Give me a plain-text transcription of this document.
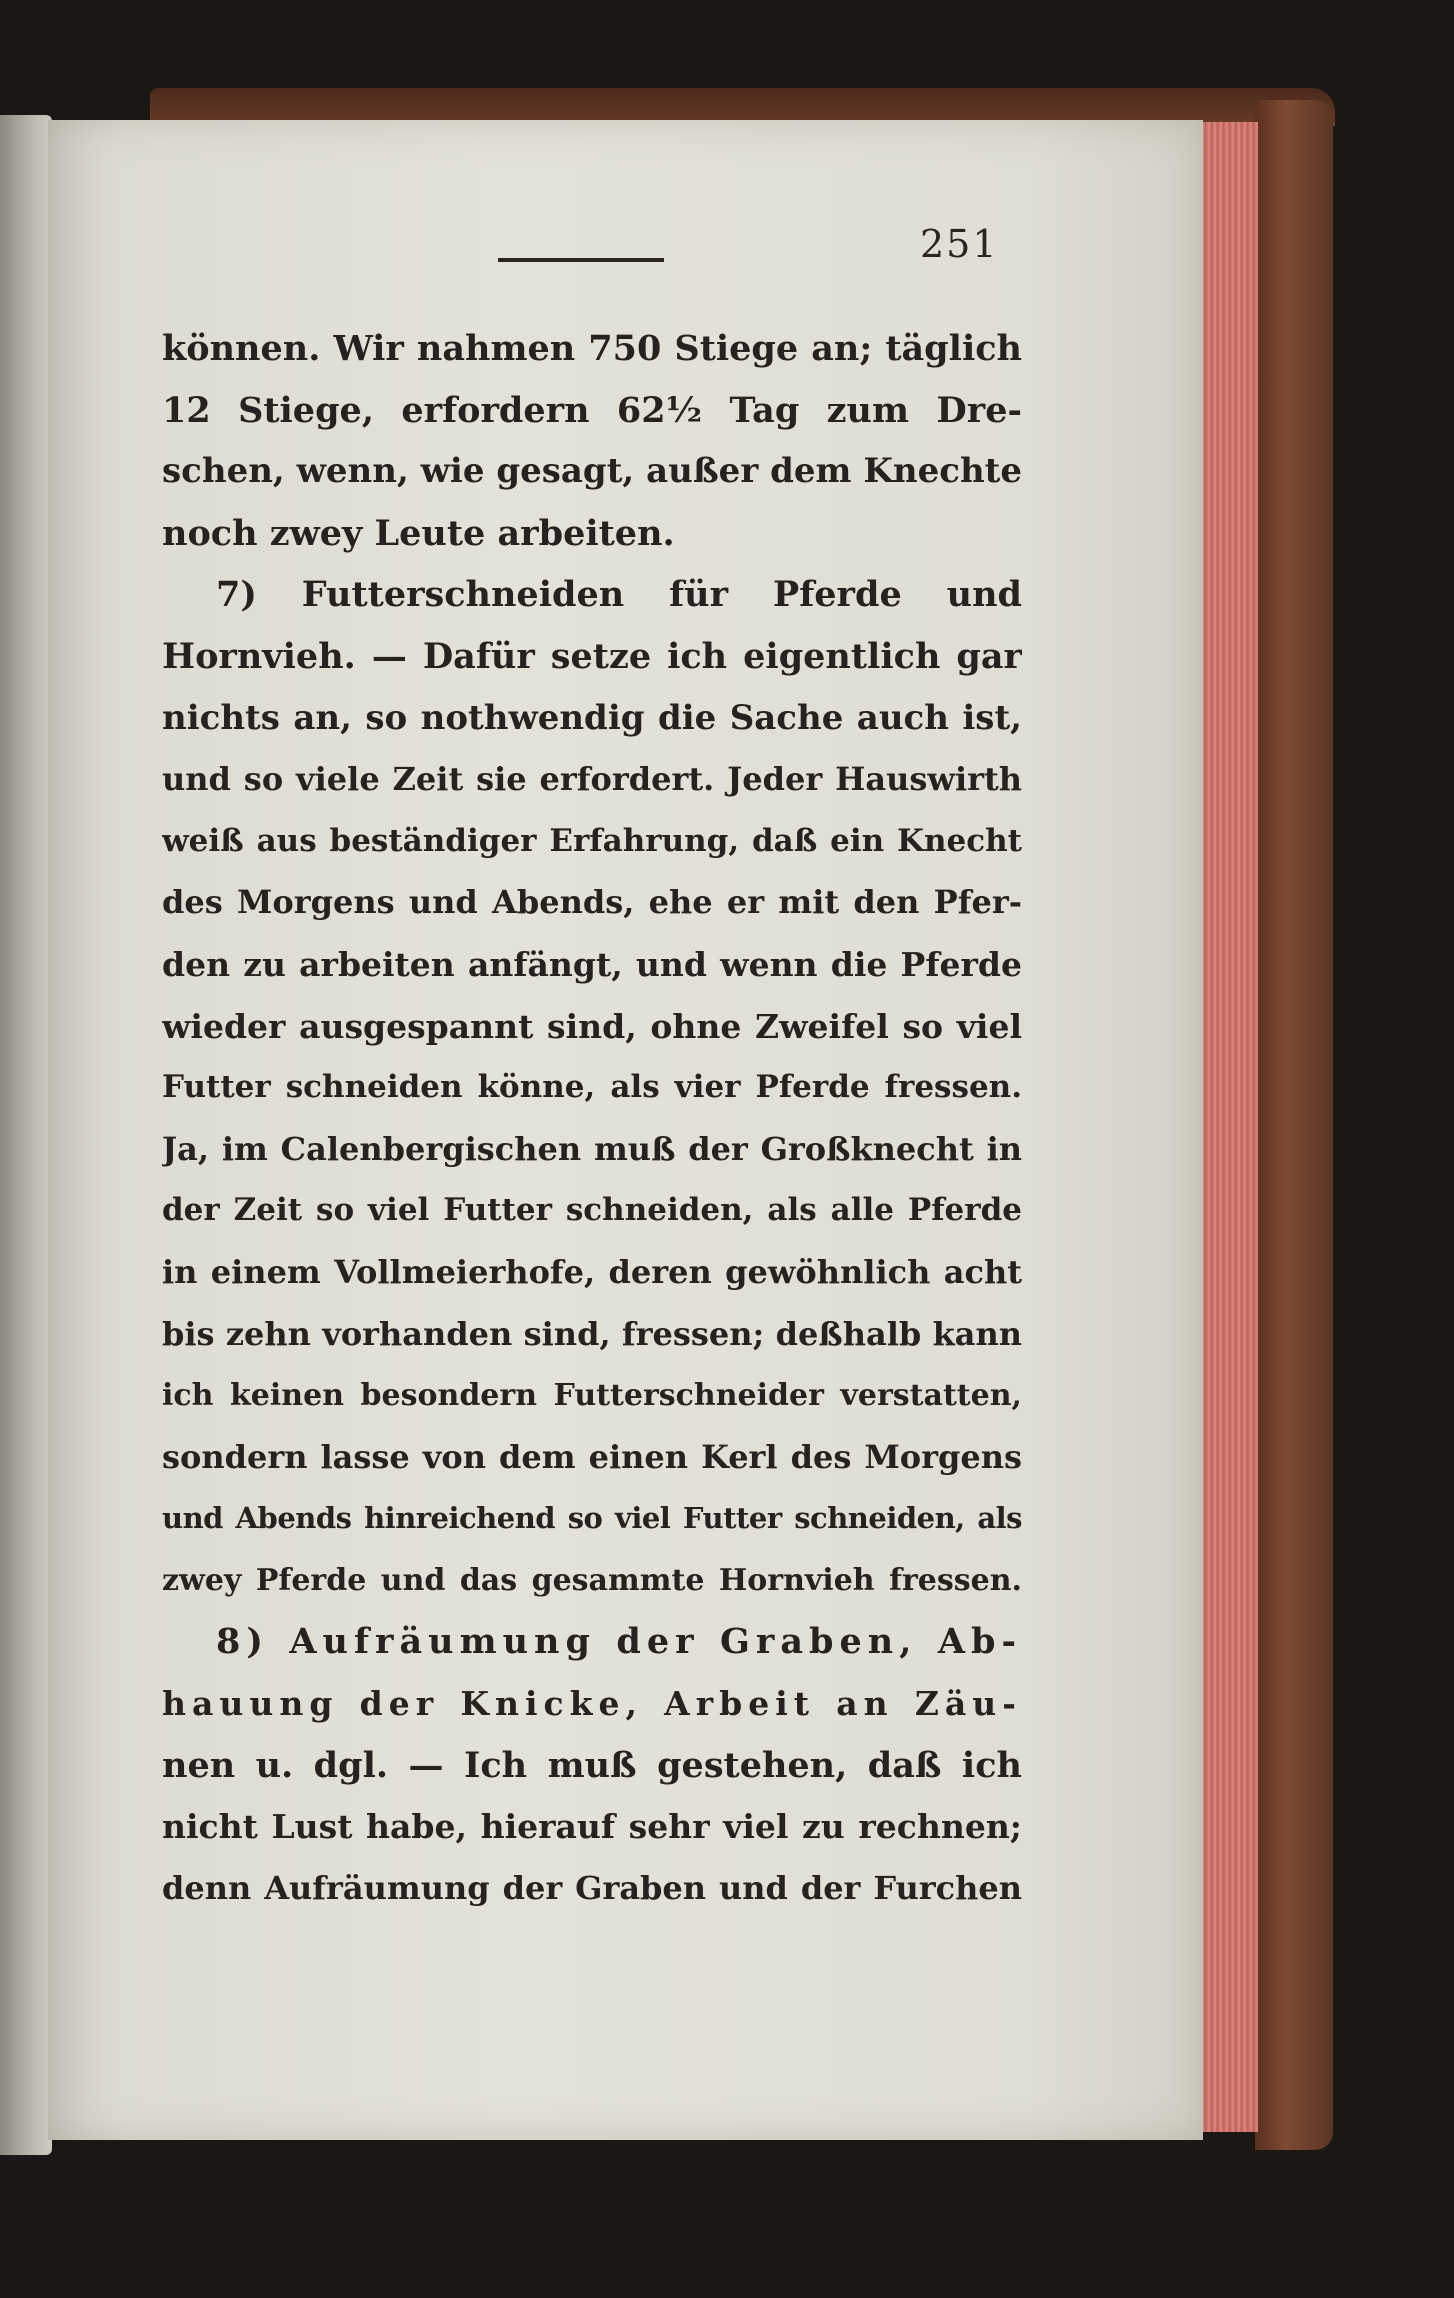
251
können. Wir nahmen 750 Stiege an; täglich
12 Stiege, erfordern 62½ Tag zum Dre-
schen, wenn, wie gesagt, außer dem Knechte
noch zwey Leute arbeiten.
7) Futterschneiden für Pferde und
Hornvieh. — Dafür setze ich eigentlich gar
nichts an, so nothwendig die Sache auch ist,
und so viele Zeit sie erfordert. Jeder Hauswirth
weiß aus beständiger Erfahrung, daß ein Knecht
des Morgens und Abends, ehe er mit den Pfer-
den zu arbeiten anfängt, und wenn die Pferde
wieder ausgespannt sind, ohne Zweifel so viel
Futter schneiden könne, als vier Pferde fressen.
Ja, im Calenbergischen muß der Großknecht in
der Zeit so viel Futter schneiden, als alle Pferde
in einem Vollmeierhofe, deren gewöhnlich acht
bis zehn vorhanden sind, fressen; deßhalb kann
ich keinen besondern Futterschneider verstatten,
sondern lasse von dem einen Kerl des Morgens
und Abends hinreichend so viel Futter schneiden, als
zwey Pferde und das gesammte Hornvieh fressen.
8) Aufräumung der Graben, Ab-
hauung der Knicke, Arbeit an Zäu-
nen u. dgl. — Ich muß gestehen, daß ich
nicht Lust habe, hierauf sehr viel zu rechnen;
denn Aufräumung der Graben und der Furchen
